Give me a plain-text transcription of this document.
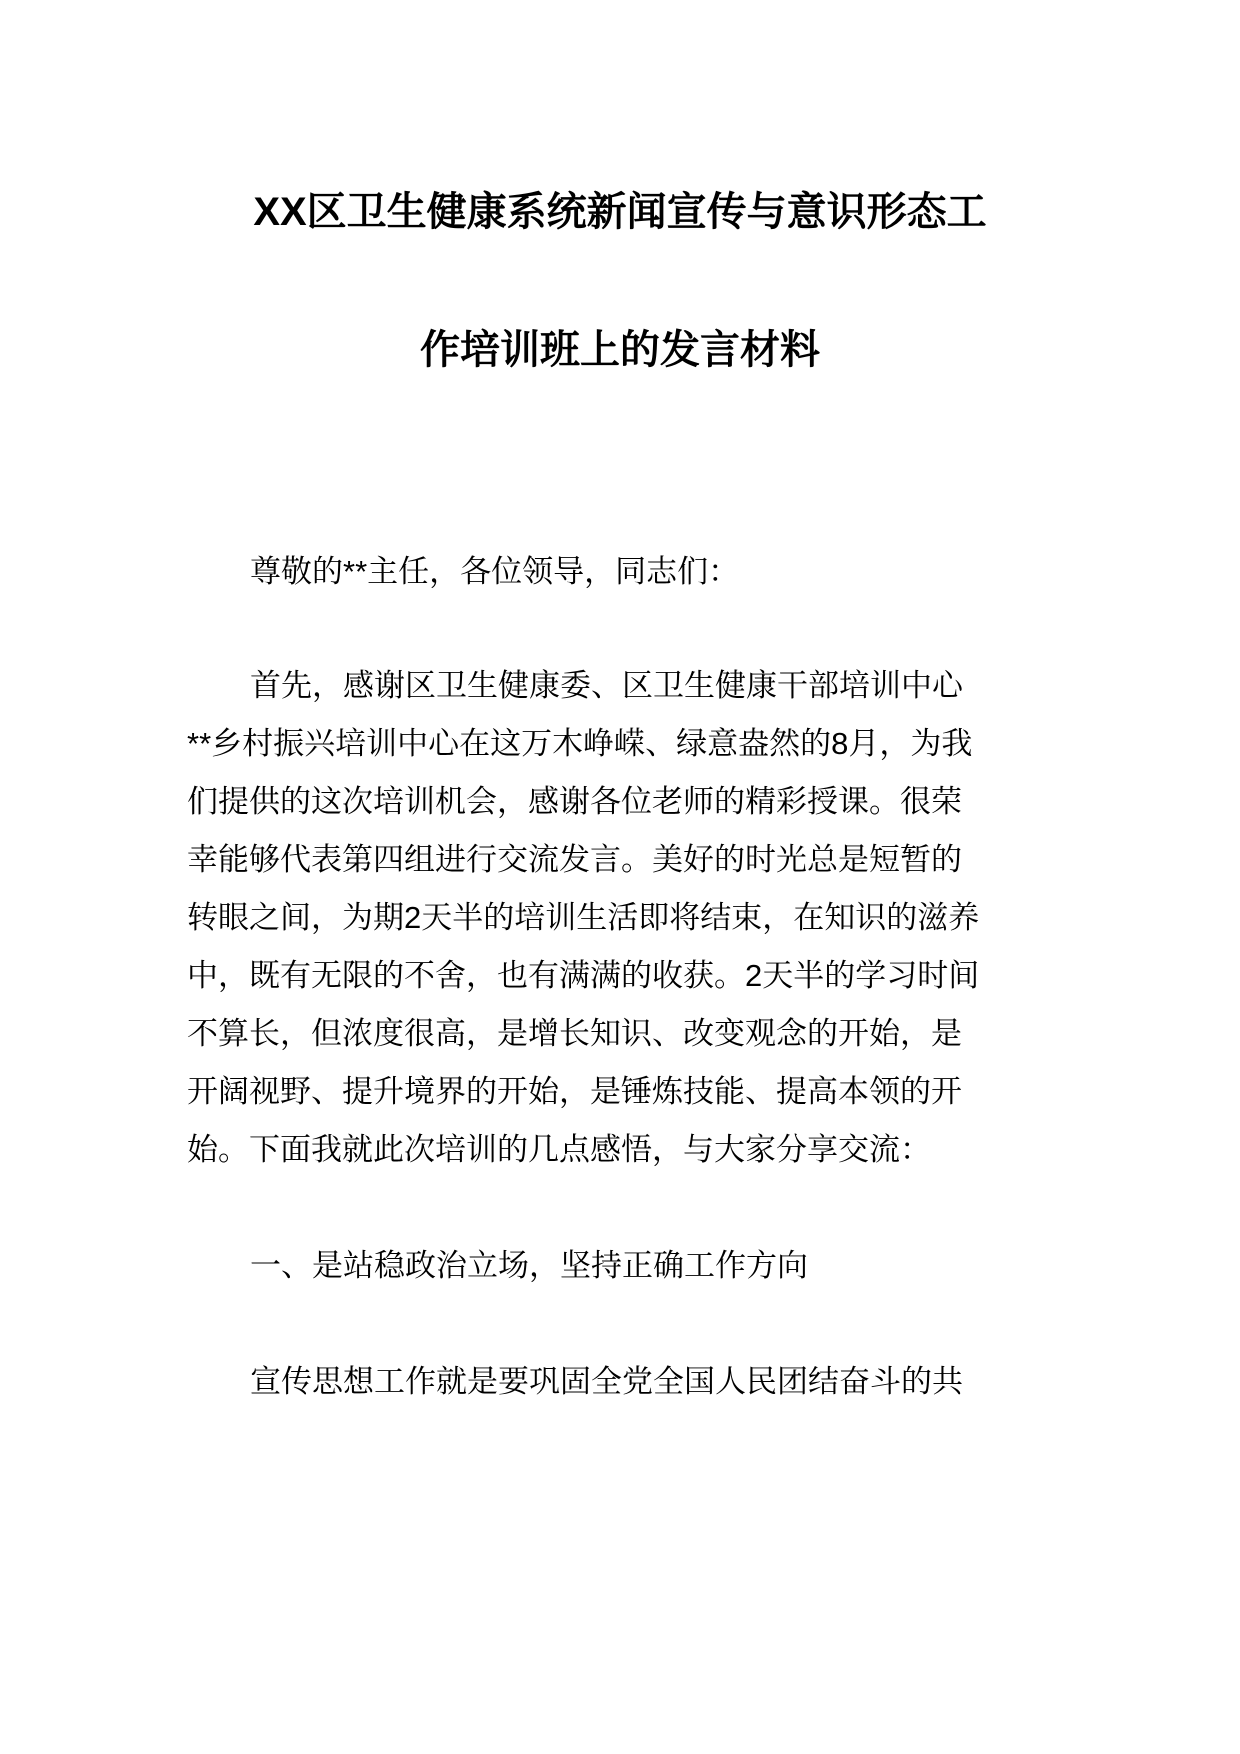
XX区卫生健康系统新闻宣传与意识形态工
作培训班上的发言材料
尊敬的**主任，各位领导，同志们：
首先，感谢区卫生健康委、区卫生健康干部培训中心
**乡村振兴培训中心在这万木峥嵘、绿意盎然的8月，为我
们提供的这次培训机会，感谢各位老师的精彩授课。很荣
幸能够代表第四组进行交流发言。美好的时光总是短暂的
转眼之间，为期2天半的培训生活即将结束，在知识的滋养
中，既有无限的不舍，也有满满的收获。2天半的学习时间
不算长，但浓度很高，是增长知识、改变观念的开始，是
开阔视野、提升境界的开始，是锤炼技能、提高本领的开
始。下面我就此次培训的几点感悟，与大家分享交流：
一、是站稳政治立场，坚持正确工作方向
宣传思想工作就是要巩固全党全国人民团结奋斗的共
